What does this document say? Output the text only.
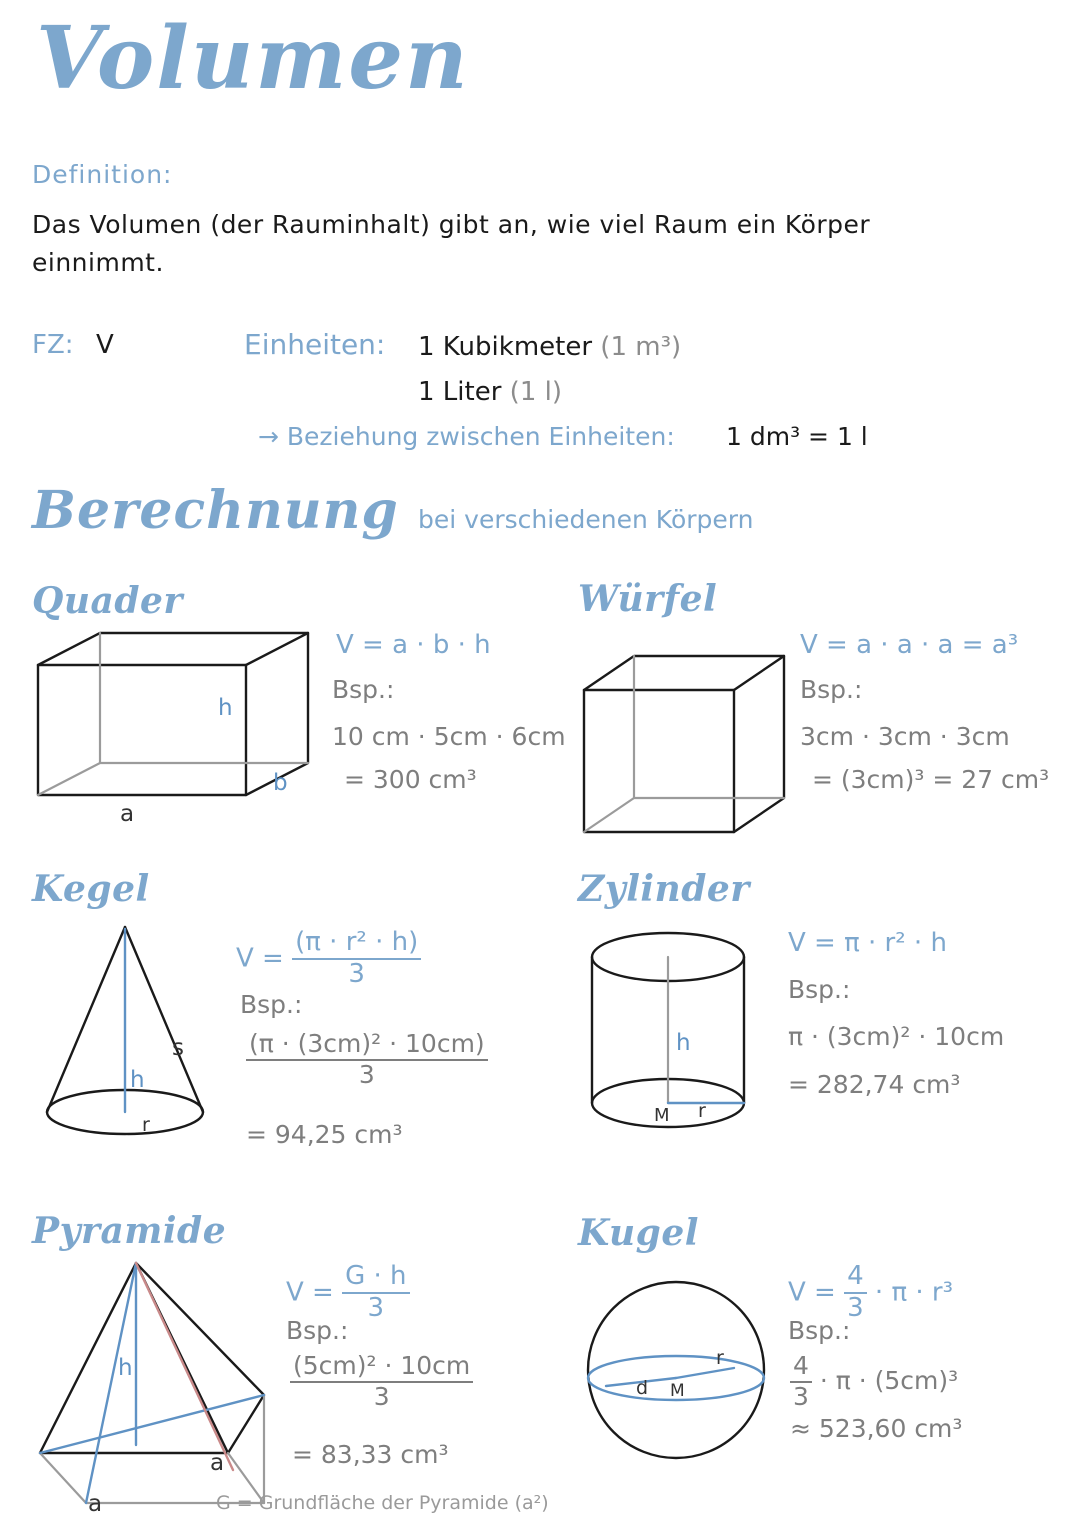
Volumen
Definition:
Das Volumen (der Rauminhalt) gibt an, wie viel Raum ein Körper einnimmt.
FZ: V	Einheiten: 1 Kubikmeter (1 m³)
1 Liter (1 l)
→ Beziehung zwischen Einheiten: 1 dm³ = 1 l
Berechnung bei verschiedenen Körpern
Quader
h
b
a
V = a · b · h
Bsp.:
10 cm · 5cm · 6cm
= 300 cm³
Würfel
V = a · a · a = a³
Bsp.:
3cm · 3cm · 3cm
= (3cm)³ = 27 cm³
Kegel
h
s
r
$V = \frac{\text{(π · r² · h)}}{3}$
Bsp.:
$\frac{\text{(π · (3cm)² · 10cm)}}{3}$
= 94,25 cm³
Zylinder
h
M r
V = π · r² · h
Bsp.:
π · (3cm)² · 10cm
= 282,74 cm³
Pyramide
h
a
a
$V = \frac{G \cdot h}{3}$
Bsp.:
$\frac{\text{(5cm)² · 10cm}}{3}$
= 83,33 cm³
G = Grundfläche der Pyramide (a²)
Kugel
r
d M
$V = \frac{4}{3} \cdot \pi \cdot r^3$
Bsp.:
$\frac{4}{3} \cdot \pi \cdot (5cm)^3$
≈ 523,60 cm³
